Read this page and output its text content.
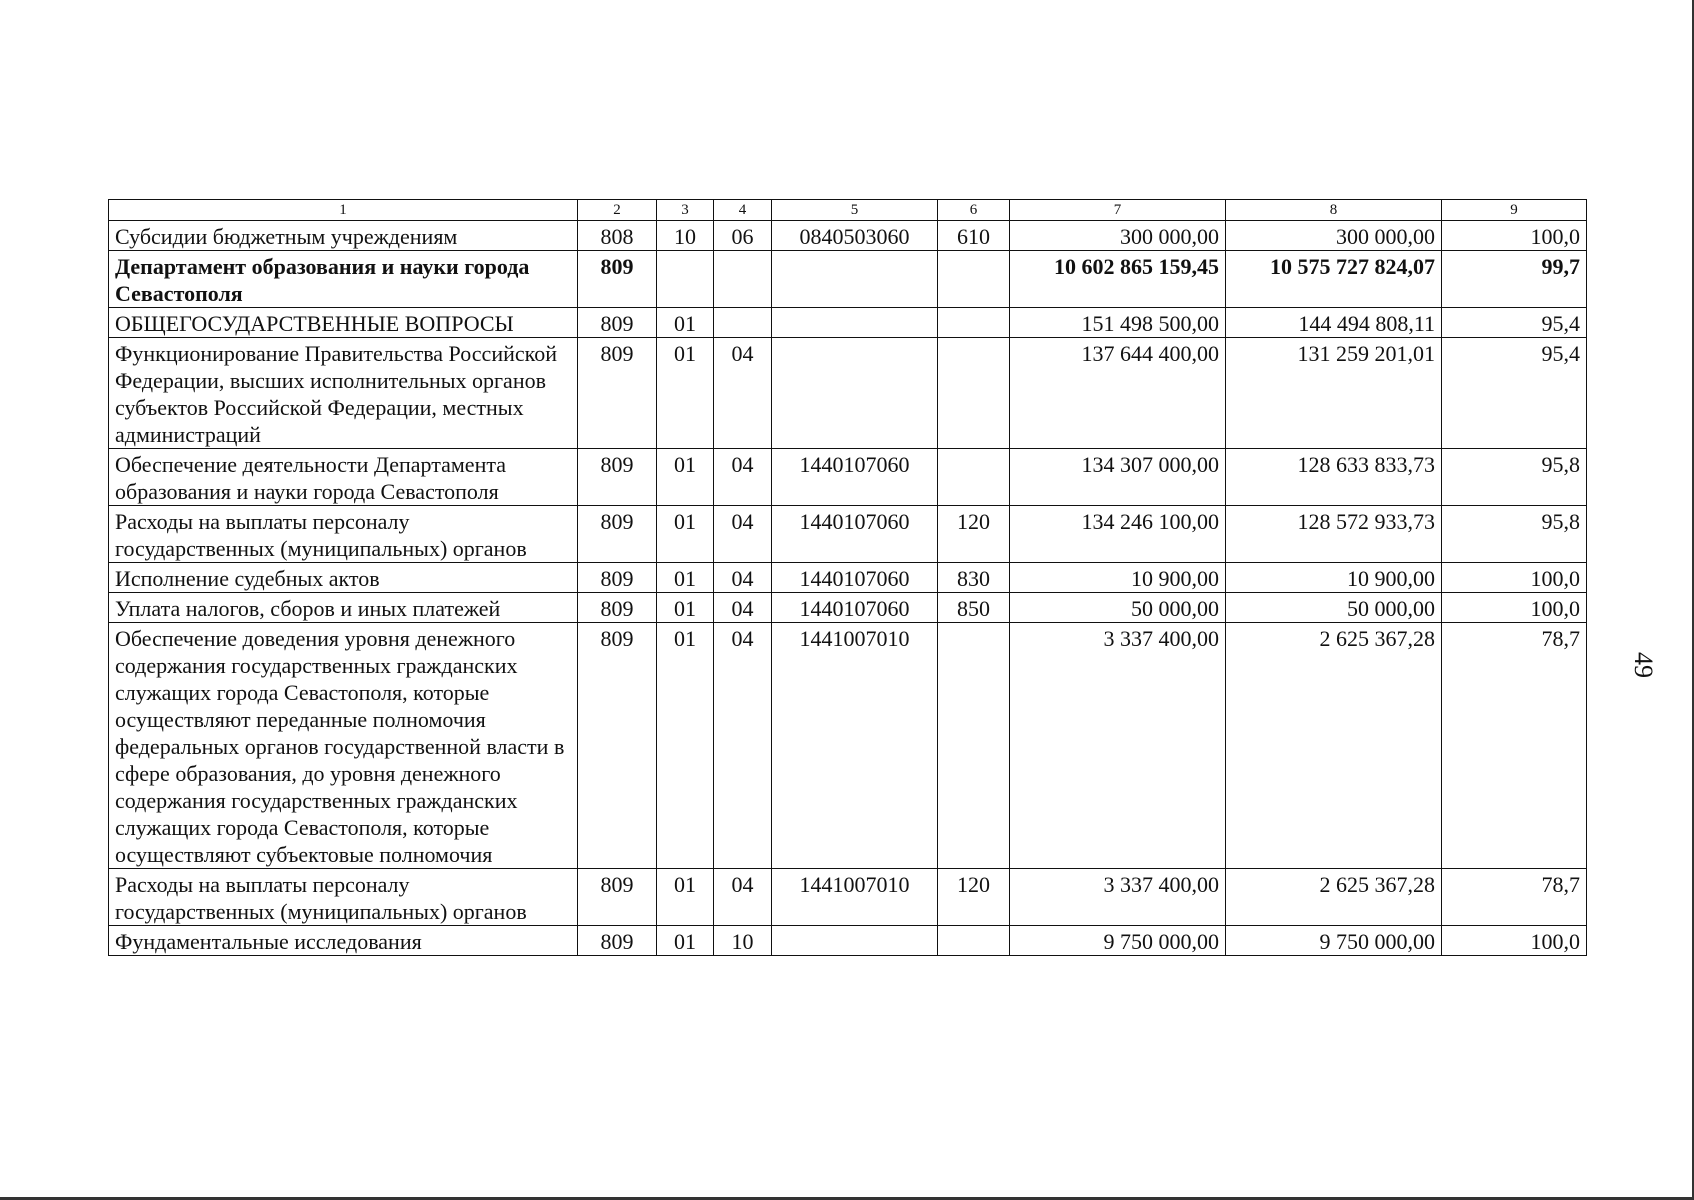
1	2	3	4	5	6	7	8	9
Субсидии бюджетным учреждениям	808	10	06	0840503060	610	300 000,00	300 000,00	100,0
Департамент образования и науки города Севастополя	809					10 602 865 159,45	10 575 727 824,07	99,7
ОБЩЕГОСУДАРСТВЕННЫЕ ВОПРОСЫ	809	01				151 498 500,00	144 494 808,11	95,4
Функционирование Правительства Российской Федерации, высших исполнительных органов субъектов Российской Федерации, местных администраций	809	01	04			137 644 400,00	131 259 201,01	95,4
Обеспечение деятельности Департамента образования и науки города Севастополя	809	01	04	1440107060		134 307 000,00	128 633 833,73	95,8
Расходы на выплаты персоналу государственных (муниципальных) органов	809	01	04	1440107060	120	134 246 100,00	128 572 933,73	95,8
Исполнение судебных актов	809	01	04	1440107060	830	10 900,00	10 900,00	100,0
Уплата налогов, сборов и иных платежей	809	01	04	1440107060	850	50 000,00	50 000,00	100,0
Обеспечение доведения уровня денежного содержания государственных гражданских служащих города Севастополя, которые осуществляют переданные полномочия федеральных органов государственной власти в сфере образования, до уровня денежного содержания государственных гражданских служащих города Севастополя, которые осуществляют субъектовые полномочия	809	01	04	1441007010		3 337 400,00	2 625 367,28	78,7
Расходы на выплаты персоналу государственных (муниципальных) органов	809	01	04	1441007010	120	3 337 400,00	2 625 367,28	78,7
Фундаментальные исследования	809	01	10			9 750 000,00	9 750 000,00	100,0
49
